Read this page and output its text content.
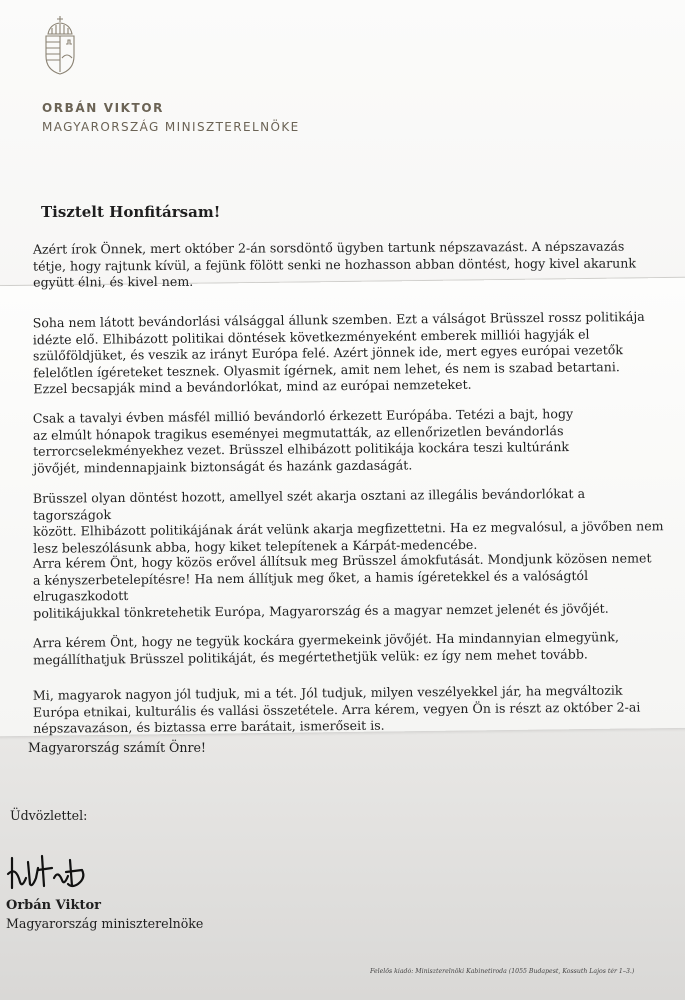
ORBÁN VIKTOR
MAGYARORSZÁG MINISZTERELNÖKE
Tisztelt Honfitársam!
Azért írok Önnek, mert október 2-án sorsdöntő ügyben tartunk népszavazást. A népszavazás
tétje, hogy rajtunk kívül, a fejünk fölött senki ne hozhasson abban döntést, hogy kivel akarunk
együtt élni, és kivel nem.
Soha nem látott bevándorlási válsággal állunk szemben. Ezt a válságot Brüsszel rossz politikája
idézte elő. Elhibázott politikai döntések következményeként emberek milliói hagyják el
szülőföldjüket, és veszik az irányt Európa felé. Azért jönnek ide, mert egyes európai vezetők
felelőtlen ígéreteket tesznek. Olyasmit ígérnek, amit nem lehet, és nem is szabad betartani.
Ezzel becsapják mind a bevándorlókat, mind az európai nemzeteket.
Csak a tavalyi évben másfél millió bevándorló érkezett Európába. Tetézi a bajt, hogy
az elmúlt hónapok tragikus eseményei megmutatták, az ellenőrizetlen bevándorlás
terrorcselekményekhez vezet. Brüsszel elhibázott politikája kockára teszi kultúránk
jövőjét, mindennapjaink biztonságát és hazánk gazdaságát.
Brüsszel olyan döntést hozott, amellyel szét akarja osztani az illegális bevándorlókat a tagországok
között. Elhibázott politikájának árát velünk akarja megfizettetni. Ha ez megvalósul, a jövőben nem
lesz beleszólásunk abba, hogy kiket telepítenek a Kárpát-medencébe.
Arra kérem Önt, hogy közös erővel állítsuk meg Brüsszel ámokfutását. Mondjunk közösen nemet
a kényszerbetelepítésre! Ha nem állítjuk meg őket, a hamis ígéretekkel és a valóságtól elrugaszkodott
politikájukkal tönkretehetik Európa, Magyarország és a magyar nemzet jelenét és jövőjét.
Arra kérem Önt, hogy ne tegyük kockára gyermekeink jövőjét. Ha mindannyian elmegyünk,
megállíthatjuk Brüsszel politikáját, és megértethetjük velük: ez így nem mehet tovább.
Mi, magyarok nagyon jól tudjuk, mi a tét. Jól tudjuk, milyen veszélyekkel jár, ha megváltozik
Európa etnikai, kulturális és vallási összetétele. Arra kérem, vegyen Ön is részt az október 2-ai
népszavazáson, és biztassa erre barátait, ismerőseit is.
Magyarország számít Önre!
Üdvözlettel:
Orbán Viktor
Magyarország miniszterelnöke
Felelős kiadó: Miniszterelnöki Kabinetiroda (1055 Budapest, Kossuth Lajos tér 1–3.)
